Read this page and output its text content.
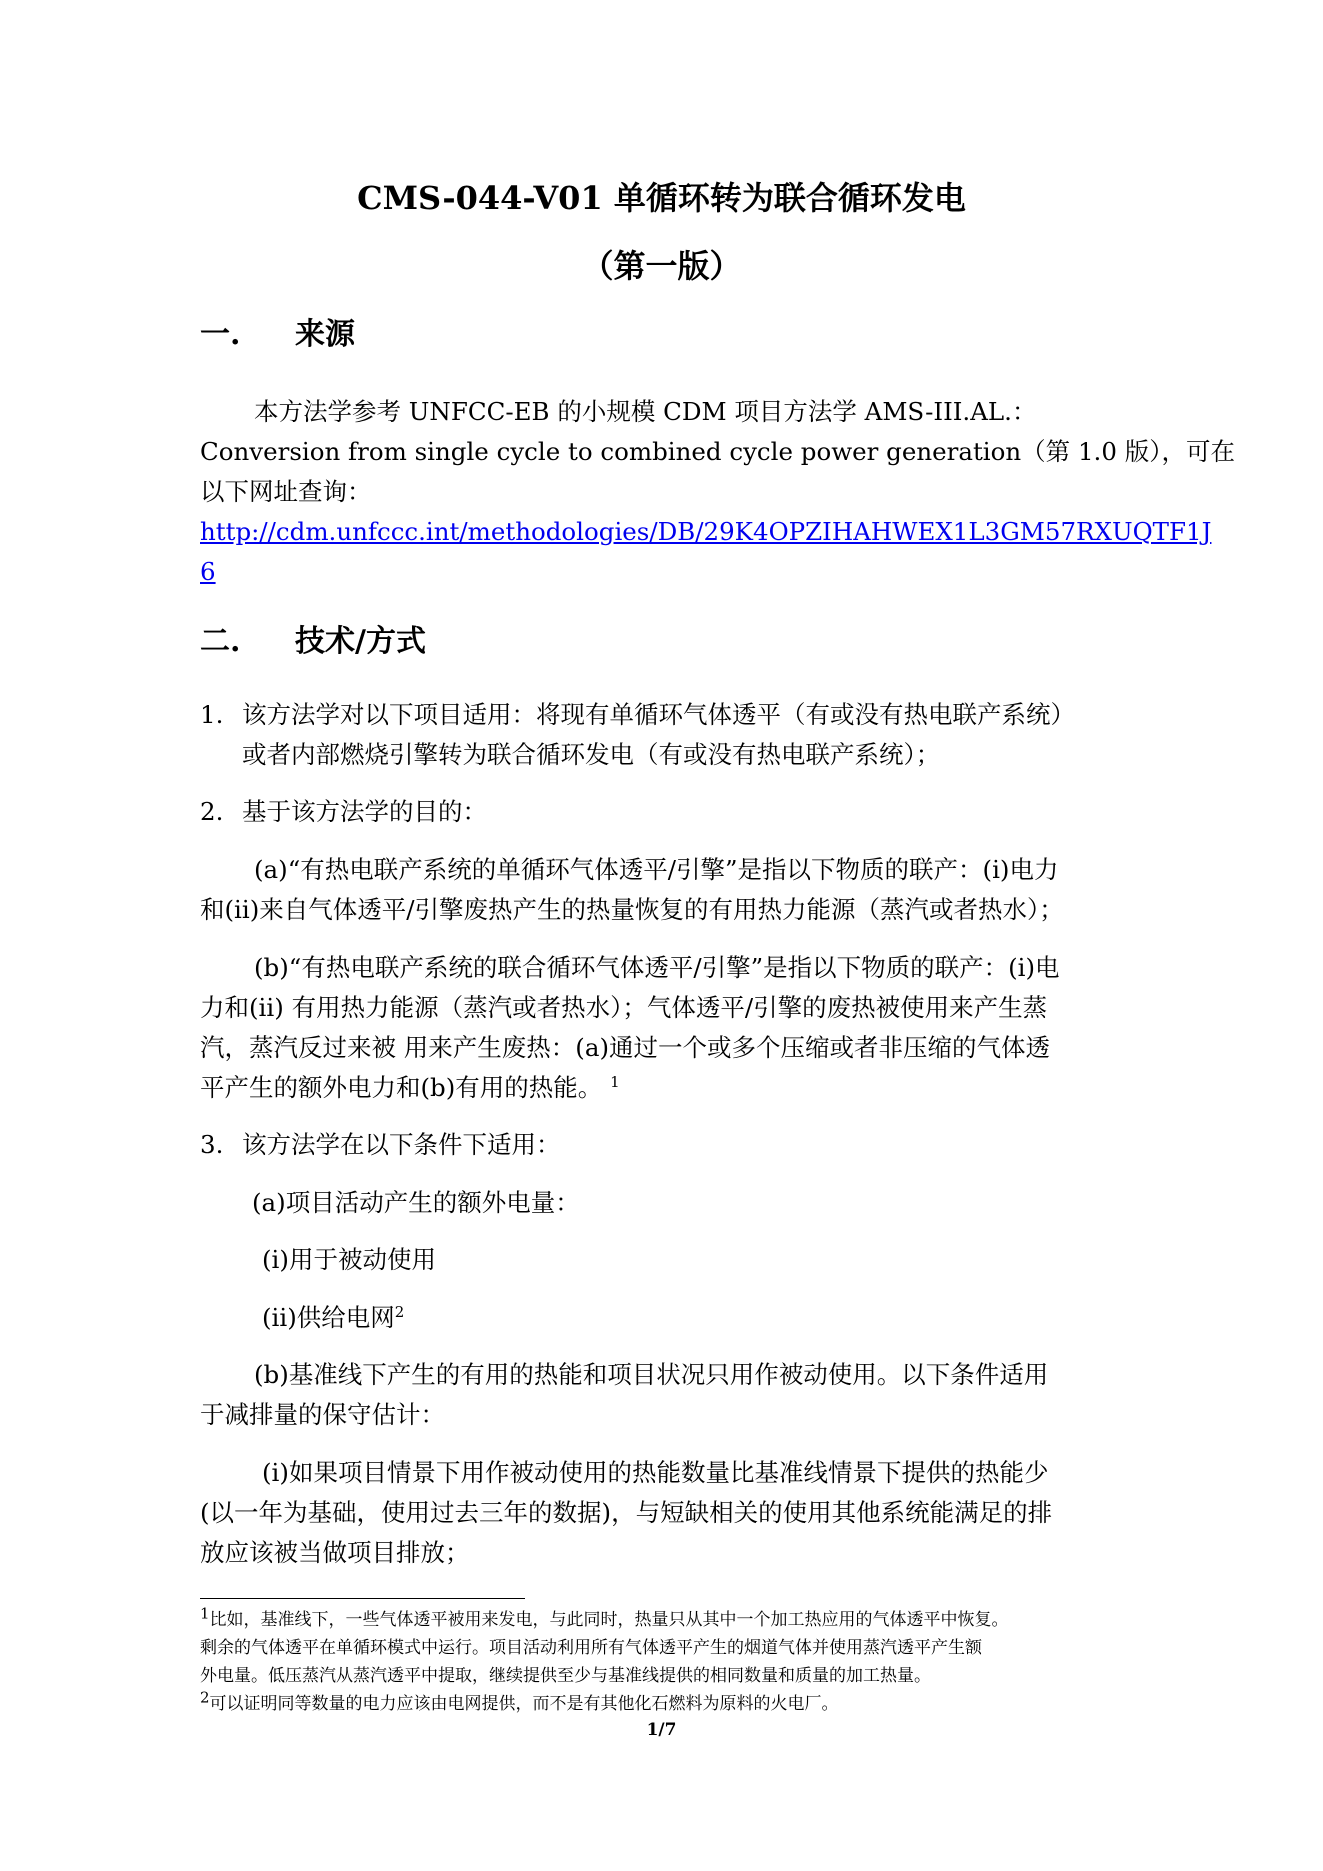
CMS-044-V01 单循环转为联合循环发电
（第一版）
一. 来源
本方法学参考 UNFCC-EB 的小规模 CDM 项目方法学 AMS-III.AL.：
Conversion from single cycle to combined cycle power generation（第 1.0 版），可在
以下网址查询：
http://cdm.unfccc.int/methodologies/DB/29K4OPZIHAHWEX1L3GM57RXUQTF1J
6
二. 技术/方式
1. 该方法学对以下项目适用：将现有单循环气体透平（有或没有热电联产系统）
或者内部燃烧引擎转为联合循环发电（有或没有热电联产系统）；
2. 基于该方法学的目的：
(a)“有热电联产系统的单循环气体透平/引擎”是指以下物质的联产：(i)电力
和(ii)来自气体透平/引擎废热产生的热量恢复的有用热力能源（蒸汽或者热水）；
(b)“有热电联产系统的联合循环气体透平/引擎”是指以下物质的联产：(i)电
力和(ii) 有用热力能源（蒸汽或者热水）；气体透平/引擎的废热被使用来产生蒸
汽，蒸汽反过来被 用来产生废热：(a)通过一个或多个压缩或者非压缩的气体透
平产生的额外电力和(b)有用的热能。 $^1$
3. 该方法学在以下条件下适用：
(a)项目活动产生的额外电量：
(i)用于被动使用
(ii)供给电网$^2$
(b)基准线下产生的有用的热能和项目状况只用作被动使用。以下条件适用
于减排量的保守估计：
(i)如果项目情景下用作被动使用的热能数量比基准线情景下提供的热能少
(以一年为基础，使用过去三年的数据)，与短缺相关的使用其他系统能满足的排
放应该被当做项目排放；
$^1$比如，基准线下，一些气体透平被用来发电，与此同时，热量只从其中一个加工热应用的气体透平中恢复。
剩余的气体透平在单循环模式中运行。项目活动利用所有气体透平产生的烟道气体并使用蒸汽透平产生额
外电量。低压蒸汽从蒸汽透平中提取，继续提供至少与基准线提供的相同数量和质量的加工热量。
$^2$可以证明同等数量的电力应该由电网提供，而不是有其他化石燃料为原料的火电厂。
1/7
